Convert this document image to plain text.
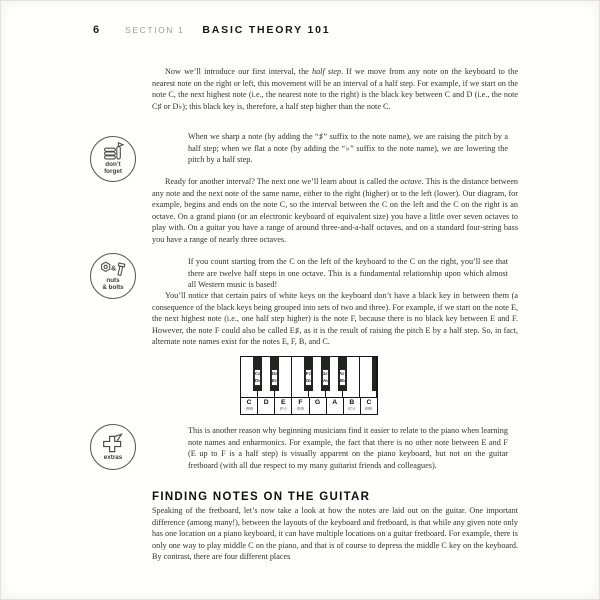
6	SECTION 1 BASIC THEORY 101

Now we’ll introduce our first interval, the half step. If we move from any note on the keyboard to the nearest note on the right or left, this movement will be an interval of a half step. For example, if we start on the note C, the next highest note (i.e., the nearest note to the right) is the black key between C and D (i.e., the note C♯ or D♭); this black key is, therefore, a half step higher than the note C.

don’t
forget

When we sharp a note (by adding the “♯” suffix to the note name), we are raising the pitch by a half step; when we flat a note (by adding the “♭” suffix to the note name), we are lowering the pitch by a half step.

Ready for another interval? The next one we’ll learn about is called the octave. This is the distance between any note and the next note of the same name, either to the right (higher) or to the left (lower). Our diagram, for example, begins and ends on the note C, so the interval between the C on the left and the C on the right is an octave. On a grand piano (or an electronic keyboard of equivalent size) you have a little over seven octaves to play with. On a guitar you have a range of around three-and-a-half octaves, and on a standard four-string bass you have a range of nearly three octaves.

&
nuts
& bolts

If you count starting from the C on the left of the keyboard to the C on the right, you’ll see that there are twelve half steps in one octave. This is a fundamental relationship upon which almost all Western music is based!

You’ll notice that certain pairs of white keys on the keyboard don’t have a black key in between them (a consequence of the black keys being grouped into sets of two and three). For example, if we start on the note E, the next highest note (i.e., one half step higher) is the note F, because there is no black key between E and F. However, the note F could also be called E♯, as it is the result of raising the pitch E by a half step. So, in fact, alternate note names exist for the notes E, F, B, and C.

C♯
D♭
D♯
E♭
F♯
G♭
G♯
A♭
A♯
B♭
C
(B♯)
D E
(F♭)
F
(E♯)
G A B
(C♭)
C
(B♯)
extras

This is another reason why beginning musicians find it easier to relate to the piano when learning note names and enharmonics. For example, the fact that there is no other note between E and F (E up to F is a half step) is visually apparent on the piano keyboard, but not on the guitar fretboard (with all due respect to my many guitarist friends and colleagues).

FINDING NOTES ON THE GUITAR

Speaking of the fretboard, let’s now take a look at how the notes are laid out on the guitar. One important difference (among many!), between the layouts of the keyboard and fretboard, is that while any given note only has one location on a piano keyboard, it can have multiple locations on a guitar fretboard. For example, there is only one way to play middle C on the piano, and that is of course to depress the middle C key on the keyboard. By contrast, there are four different places
